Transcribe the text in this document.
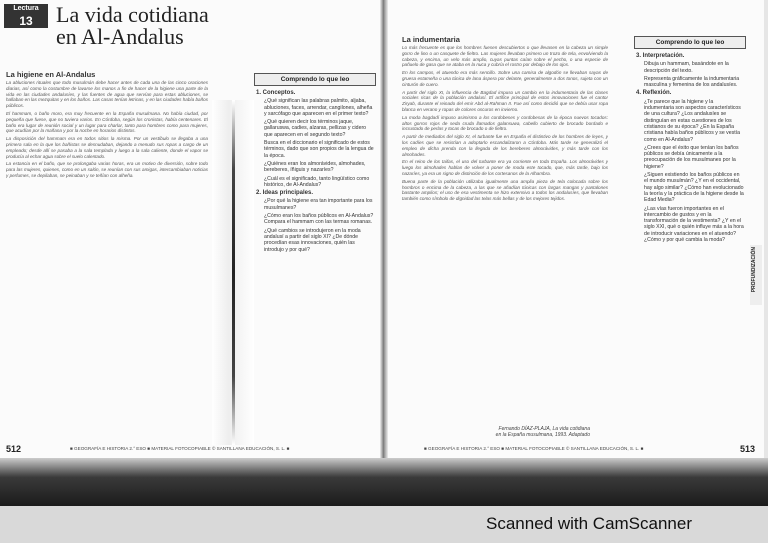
Lectura
13	La vida cotidiana
en Al-Andalus
La higiene en Al-Andalus

La abluciones rituales que todo musulmán debe hacer antes de cada una de las cinco oraciones diarias, así como la costumbre de lavarse los manos a fin de hacer de la higiene una parte de la vida en las ciudades andalusíes, y las fuentes de agua que servían para estas abluciones, se hallaban en las mezquitas y en los baños. Las casas tenían letrinas, y en las ciudades había baños públicos.

El hammam, o baño moro, era muy frecuente en la España musulmana. No había ciudad, por pequeña que fuese, que no tuviera varios. En Córdoba, según los cronistas, había centenares. El baño era lugar de reunión social y un lugar para charlar, tanto para hombres como para mujeres, que acudían por la mañana y por la noche en horarios distintos.

La disposición del hammam era en todos sitios la misma. Por un vestíbulo se llegaba a una primera sala en la que los bañistas se desnudaban, dejando a menudo sus ropas a cargo de un empleado; desde allí se pasaba a la sala templada y luego a la sala caliente, donde el vapor se producía al echar agua sobre el suelo calentado.

La estancia en el baño, que se prolongaba varias horas, era un motivo de diversión, sobre todo para las mujeres, quienes, como en un salón, se reunían con sus amigas, intercambiaban noticias y perfumes, se depilaban, se peinaban y se teñían con alheña.

Comprendo lo que leo
1. Conceptos.
• ¿Qué significan las palabras palmito, aljaba, abluciones, faces, arrendar, cangilones, alheña y sarcófago que aparecen en el primer texto?
• ¿Qué quieren decir los términos jaque, gallaruswa, cadies, alzaras, pellizas y cidero que aparecen en el segundo texto?
• Busca en el diccionario el significado de estos términos, dado que son propios de la lengua de la época.
• ¿Quiénes eran los almorávides, almohades, bereberes, íñiguis y nazaríes?
• ¿Cuál es el significado, tanto lingüístico como histórico, de Al-Andalus?
2. Ideas principales.
• ¿Por qué la higiene era tan importante para los musulmanes?
• ¿Cómo eran los baños públicos en Al-Andalus? Compara el hammam con las termas romanas.
• ¿Qué cambios se introdujeron en la moda andalusí a partir del siglo XI? ¿De dónde procedían esas innovaciones, quién las introdujo y por qué?
La indumentaria

Lo más frecuente es que los hombres fuesen descubiertos o que llevasen en la cabeza un simple gorro de lino o un casquete de fieltro. Las mujeres llevaban primero un trozo de tela, envolviendo la cabeza, y encima, un velo más amplio, cuyas puntas caían sobre el pecho, o una especie de pañuelo de gasa que se ataba en la nuca y cubría el rostro por debajo de los ojos.

En los campos, el atuendo era más sencillo. Sobre una camisa de algodón se llevaban sayas de gruesa estameña o una túnica de lana áspera por delante, generalmente a dos tonos, sujeta con un cinturón de cuero.

A partir del siglo XI, la influencia de Bagdad impuso un cambio en la indumentaria de las clases sociales ricas de la población andalusí. El artífice principal de estos innovaciones fue el cantor Ziryab, durante el reinado del emir Abd al-Rahman II. Fue así como decidió que se debía usar ropa blanca en verano y ropas de colores oscuros en invierno.

La moda bagdadí impuso asimismo a los cordobeses y cordobesas de la época nuevos tocados: altos gorros rojos de seda cruda llamados galansuwa, cabello cubierto de brocado bordado e incrustado de perlas y tocas de brocado o de fieltro.

A partir de mediados del siglo XI, el turbante fue en España el distintivo de los hombres de leyes, y los cadíes que se resistían a adoptarlo escandalizaron a Córdoba. Más tarde se generalizó el empleo de dicha prenda con la llegada de los bereberes almorávides, y más tarde con los almohades.

En el reino de los taifas, el uso del turbante era ya corriente en toda España. Los almorávides y luego los almohades hablan de volver a poner de moda este tocado, que, más tarde, bajo los nazaríes, ya era un signo de distinción de los cortesanos de la Alhambra.

Buena parte de la población utilizaba igualmente una amplia pieza de tela colocada sobre los hombros o encima de la cabeza, a las que se añadían túnicas con largas mangas y pantalones bastante amplios; el uso de esa vestimenta se hizo extensivo a todos los andalusíes, que llevaban también como símbolo de dignidad las telas más bellas y de los mejores tejidos.

Comprendo lo que leo
3. Interpretación.
• Dibuja un hammam, basándote en la descripción del texto.
• Representa gráficamente la indumentaria masculina y femenina de los andalusíes.
4. Reflexión.
• ¿Te parece que la higiene y la indumentaria son aspectos característicos de una cultura? ¿Los andalusíes se distinguían en estas cuestiones de los cristianos de su época? ¿En la España cristiana había baños públicos y se vestía como en Al-Andalus?
• ¿Crees que el éxito que tenían los baños públicos se debía únicamente a la preocupación de los musulmanes por la higiene?
• ¿Siguen existiendo los baños públicos en el mundo musulmán? ¿Y en el occidental, hay algo similar? ¿Cómo han evolucionado la teoría y la práctica de la higiene desde la Edad Media?
• ¿Las vías fueron importantes en el intercambio de gustos y en la transformación de la vestimenta? ¿Y en el siglo XXI, qué o quién influye más a la hora de introducir variaciones en el atuendo? ¿Cómo y por qué cambia la moda?
Fernando DÍAZ-PLAJA, La vida cotidiana
en la España musulmana, 1993. Adaptado
PROFUNDIZACIÓN
512	■ GEOGRAFÍA E HISTORIA 2.° ESO ■ MATERIAL FOTOCOPIABLE © SANTILLANA EDUCACIÓN, S. L. ■	■ GEOGRAFÍA E HISTORIA 2.° ESO ■ MATERIAL FOTOCOPIABLE © SANTILLANA EDUCACIÓN, S. L. ■	513
Scanned with CamScanner
